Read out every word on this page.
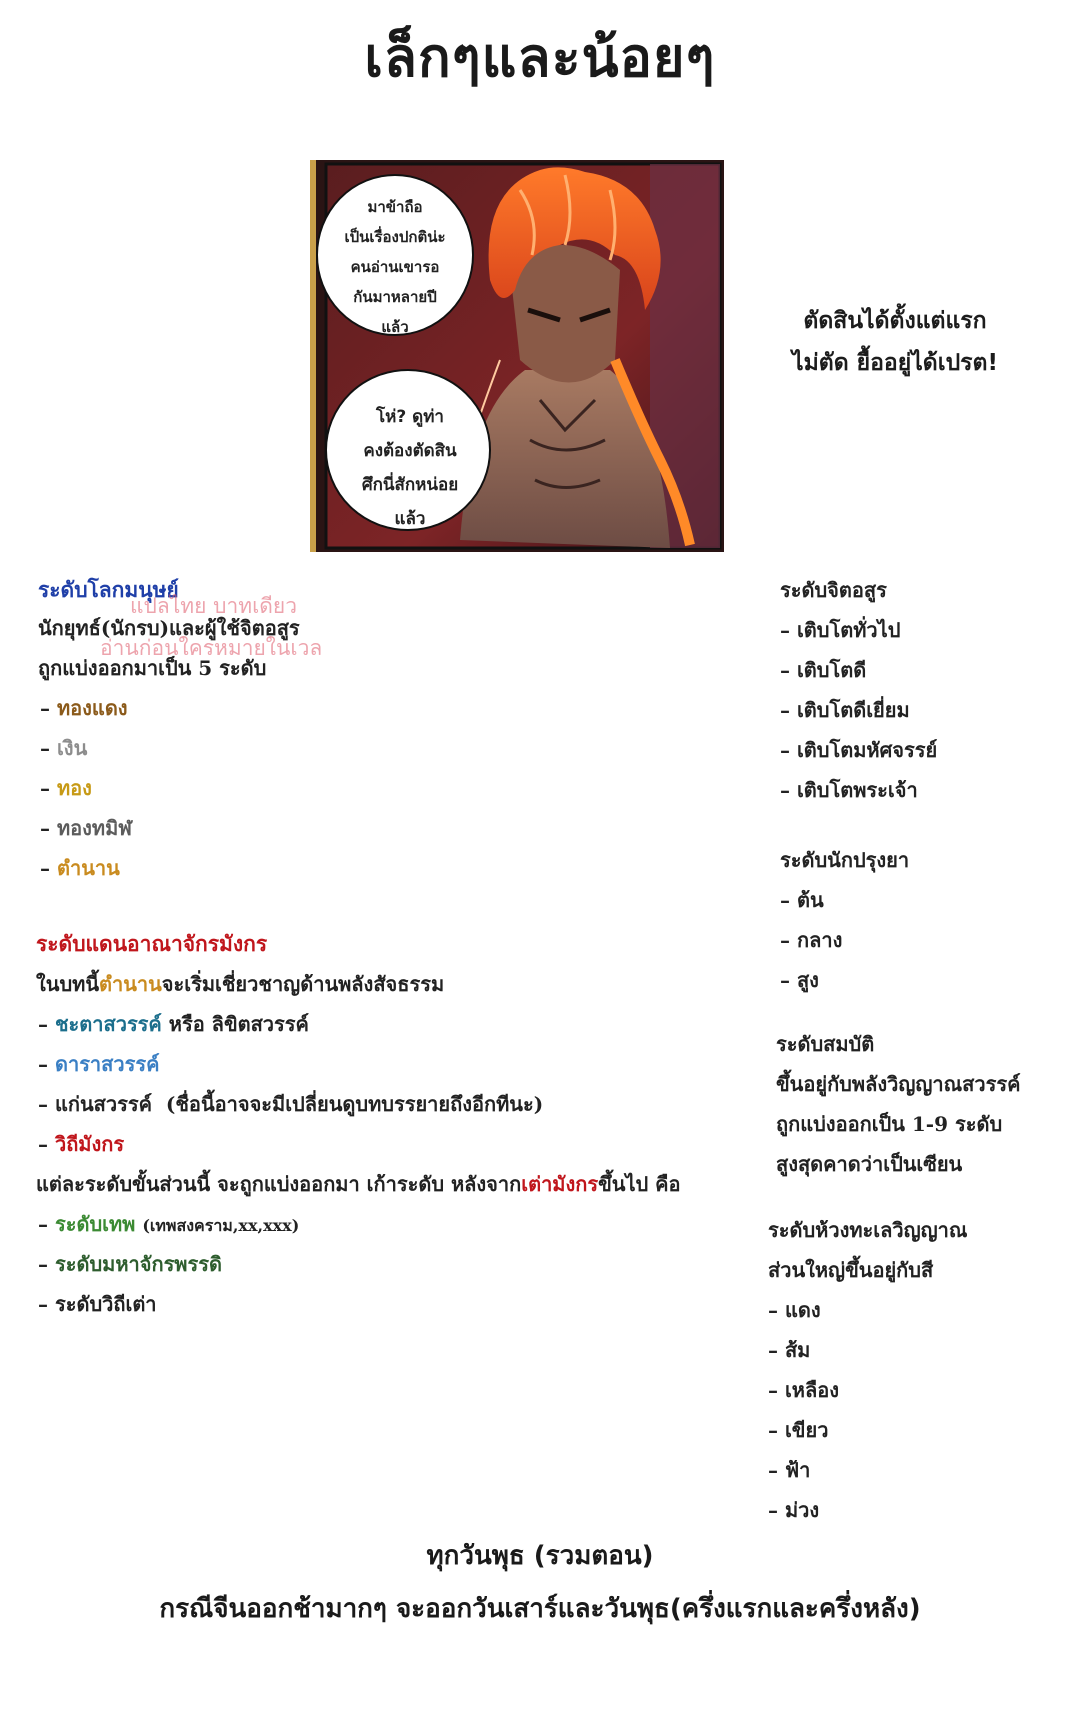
เล็กๆและน้อยๆ
มาข้าถือ
เป็นเรื่องปกติน่ะ
คนอ่านเขารอ
กันมาหลายปี
แล้ว
โห่? ดูท่า
คงต้องตัดสิน
ศึกนี่สักหน่อย
แล้ว
ตัดสินได้ตั้งแต่แรก
ไม่ตัด ยื้ออยู่ได้เปรต!
ระดับโลกมนุษย์
นักยุทธ์(นักรบ)และผู้ใช้จิตอสูร
ถูกแบ่งออกมาเป็น 5 ระดับ
แปลไทย บาทเดียว
อ่านก่อนใครหมายในเวล
– ทองแดง
– เงิน
– ทอง
– ทองทมิฬ
– ตำนาน
ระดับแดนอาณาจักรมังกร
ในบทนี้ตำนานจะเริ่มเชี่ยวชาญด้านพลังสัจธรรม
– ชะตาสวรรค์ หรือ ลิขิตสวรรค์
– ดาราสวรรค์
– แก่นสวรรค์ (ชื่อนี้อาจจะมีเปลี่ยนดูบทบรรยายถึงอีกทีนะ)
– วิถีมังกร
แต่ละระดับขั้นส่วนนี้ จะถูกแบ่งออกมา เก้าระดับ หลังจากเต่ามังกรขึ้นไป คือ
– ระดับเทพ (เทพสงคราม,xx,xxx)
– ระดับมหาจักรพรรดิ
– ระดับวิถีเต่า
ระดับจิตอสูร
– เติบโตทั่วไป
– เติบโตดี
– เติบโตดีเยี่ยม
– เติบโตมหัศจรรย์
– เติบโตพระเจ้า
ระดับนักปรุงยา
– ต้น
– กลาง
– สูง
ระดับสมบัติ
ขึ้นอยู่กับพลังวิญญาณสวรรค์
ถูกแบ่งออกเป็น 1-9 ระดับ
สูงสุดคาดว่าเป็นเซียน
ระดับห้วงทะเลวิญญาณ
ส่วนใหญ่ขึ้นอยู่กับสี
– แดง
– ส้ม
– เหลือง
– เขียว
– ฟ้า
– ม่วง
ทุกวันพุธ (รวมตอน)
กรณีจีนออกช้ามากๆ จะออกวันเสาร์และวันพุธ(ครึ่งแรกและครึ่งหลัง)
